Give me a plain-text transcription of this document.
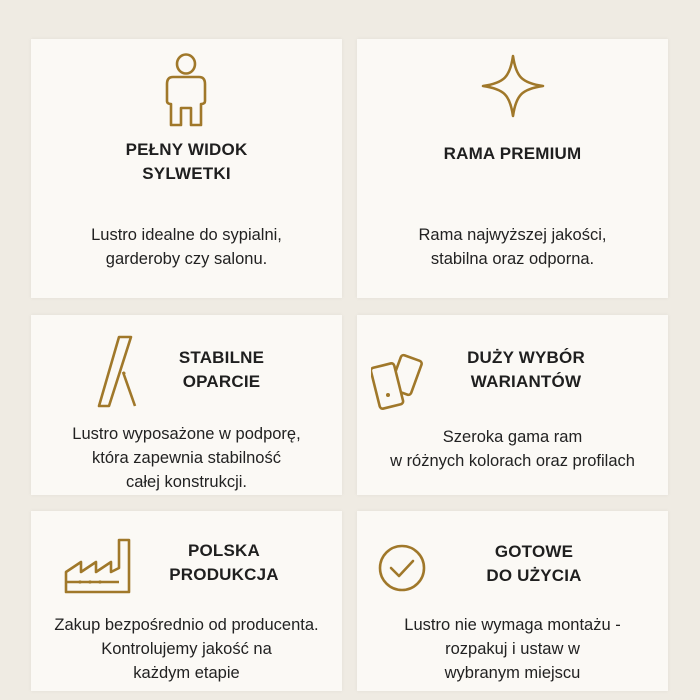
PEŁNY WIDOK
SYLWETKI
Lustro idealne do sypialni,
garderoby czy salonu.
RAMA PREMIUM
Rama najwyższej jakości,
stabilna oraz odporna.
STABILNE
OPARCIE
Lustro wyposażone w podporę,
która zapewnia stabilność
całej konstrukcji.
DUŻY WYBÓR
WARIANTÓW
Szeroka gama ram
w różnych kolorach oraz profilach
POLSKA
PRODUKCJA
Zakup bezpośrednio od producenta.
Kontrolujemy jakość na
każdym etapie
GOTOWE
DO UŻYCIA
Lustro nie wymaga montażu -
rozpakuj i ustaw w
wybranym miejscu
